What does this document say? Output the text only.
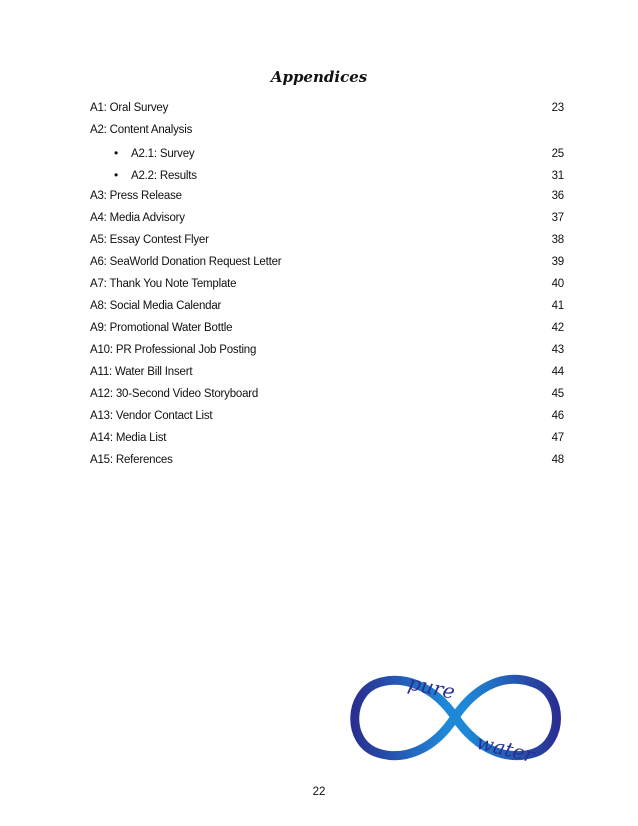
Appendices
A1: Oral Survey	23
A2: Content Analysis
• A2.1: Survey	25
• A2.2: Results	31
A3: Press Release	36
A4: Media Advisory	37
A5: Essay Contest Flyer	38
A6: SeaWorld Donation Request Letter	39
A7: Thank You Note Template	40
A8: Social Media Calendar	41
A9: Promotional Water Bottle	42
A10: PR Professional Job Posting	43
A11: Water Bill Insert	44
A12: 30-Second Video Storyboard	45
A13: Vendor Contact List	46
A14: Media List	47
A15: References	48
pure
water
22
